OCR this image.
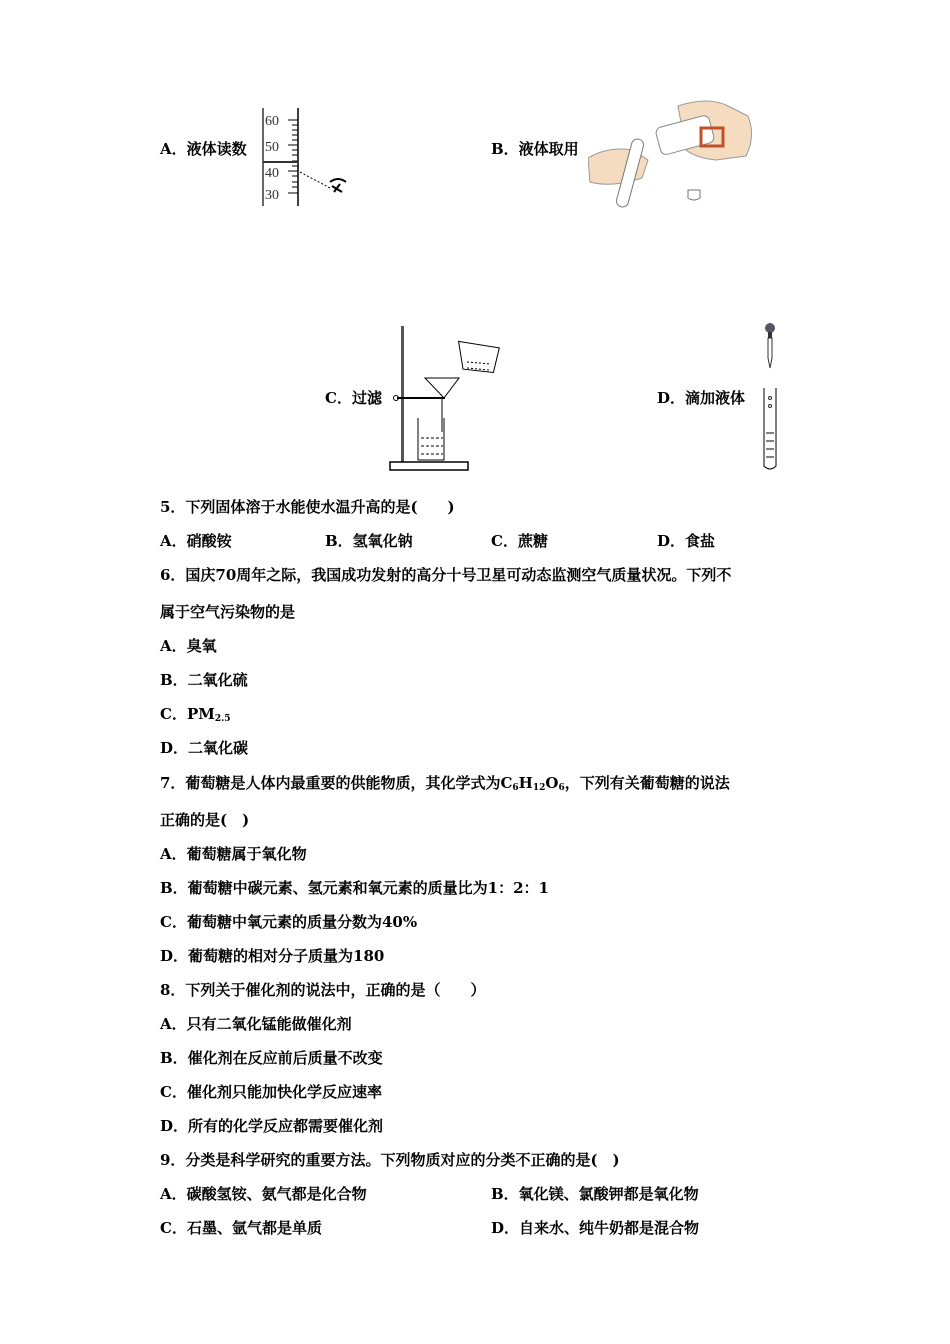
A．液体读数
60
50
40
30
B．液体取用
C．过滤	D．滴加液体
5．下列固体溶于水能使水温升高的是(　　)
A．硝酸铵	B．氢氧化钠	C．蔗糖	D．食盐
6．国庆70周年之际，我国成功发射的高分十号卫星可动态监测空气质量状况。下列不
属于空气污染物的是
A．臭氧
B．二氧化硫
C．$PM_{2.5}$
D．二氧化碳
7．葡萄糖是人体内最重要的供能物质，其化学式为$C_6H_{12}O_6$，下列有关葡萄糖的说法
正确的是(　)
A．葡萄糖属于氧化物
B．葡萄糖中碳元素、氢元素和氧元素的质量比为1：2：1
C．葡萄糖中氧元素的质量分数为40%
D．葡萄糖的相对分子质量为180
8．下列关于催化剂的说法中，正确的是（　　）
A．只有二氧化锰能做催化剂
B．催化剂在反应前后质量不改变
C．催化剂只能加快化学反应速率
D．所有的化学反应都需要催化剂
9．分类是科学研究的重要方法。下列物质对应的分类不正确的是(　)
A．碳酸氢铵、氨气都是化合物	B．氧化镁、氯酸钾都是氧化物
C．石墨、氩气都是单质	D．自来水、纯牛奶都是混合物
